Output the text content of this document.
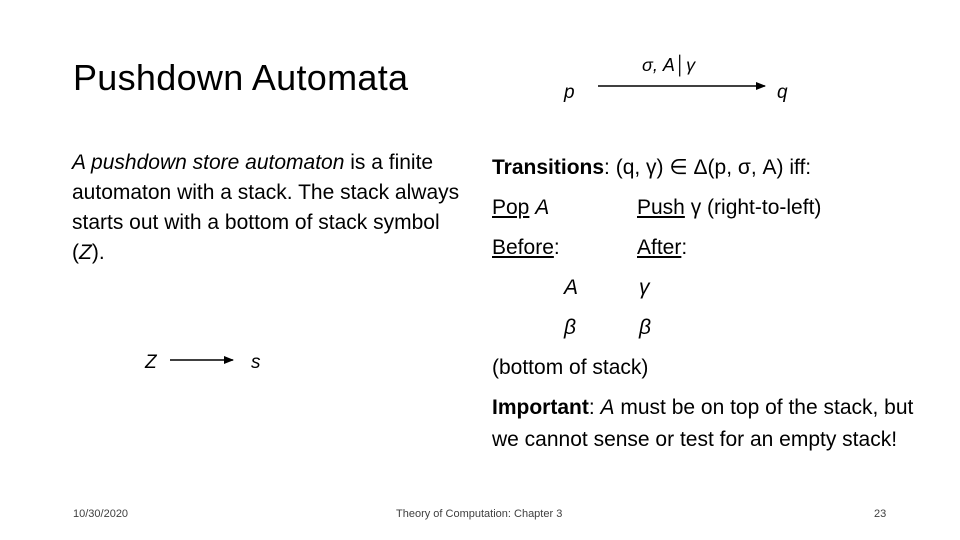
Pushdown Automata	p	q
σ, A│γ
Z	s

A pushdown store automaton is a finite automaton with a stack. The stack always starts out with a bottom of stack symbol (Z).

Transitions: (q, γ) ∈ Δ(p, σ, A) iff:
Pop A	Push γ (right-to-left)
Before:	After:
A	γ
β	β
(bottom of stack)
Important: A must be on top of the stack, but we cannot sense or test for an empty stack!
10/30/2020	Theory of Computation: Chapter 3	23
